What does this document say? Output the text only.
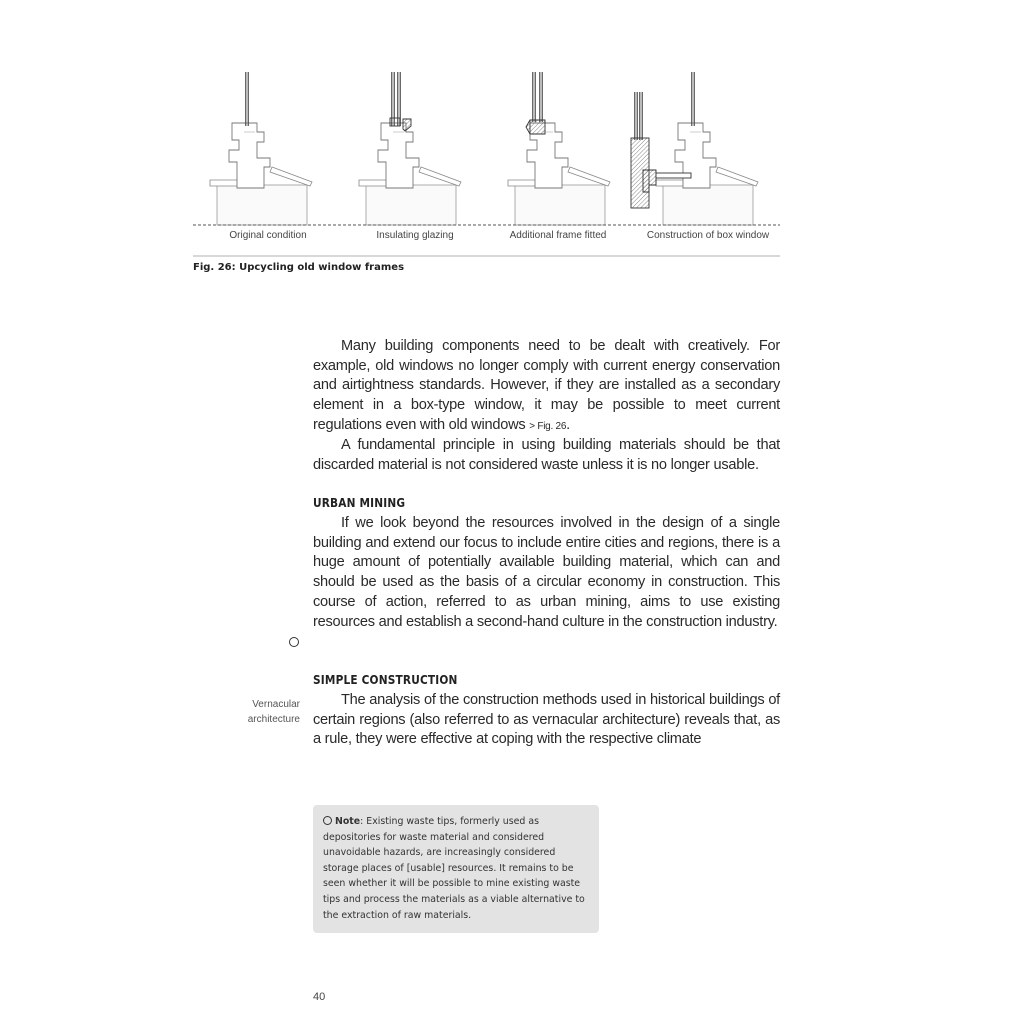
Original condition	Insulating glazing	Additional frame fitted	Construction of box window
Fig. 26: Upcycling old window frames

Many building components need to be dealt with creatively. For example, old windows no longer comply with current energy conservation and airtightness standards. However, if they are installed as a secondary element in a box-type window, it may be possible to meet current regulations even with old windows > Fig. 26.

A fundamental principle in using building materials should be that discarded material is not considered waste unless it is no longer usable.

URBAN MINING

If we look beyond the resources involved in the design of a single building and extend our focus to include entire cities and regions, there is a huge amount of potentially available building material, which can and should be used as the basis of a circular economy in construction. This course of action, referred to as urban mining, aims to use existing resources and establish a second-hand culture in the construction industry.

SIMPLE CONSTRUCTION

The analysis of the construction methods used in historical buildings of certain regions (also referred to as vernacular architecture) reveals that, as a rule, they were effective at coping with the respective climate

Vernacular
architecture
Note: Existing waste tips, formerly used as depositories for waste material and considered unavoidable hazards, are increasingly considered storage places of [usable] resources. It remains to be seen whether it will be possible to mine existing waste tips and process the materials as a viable alternative to the extraction of raw materials.
40
